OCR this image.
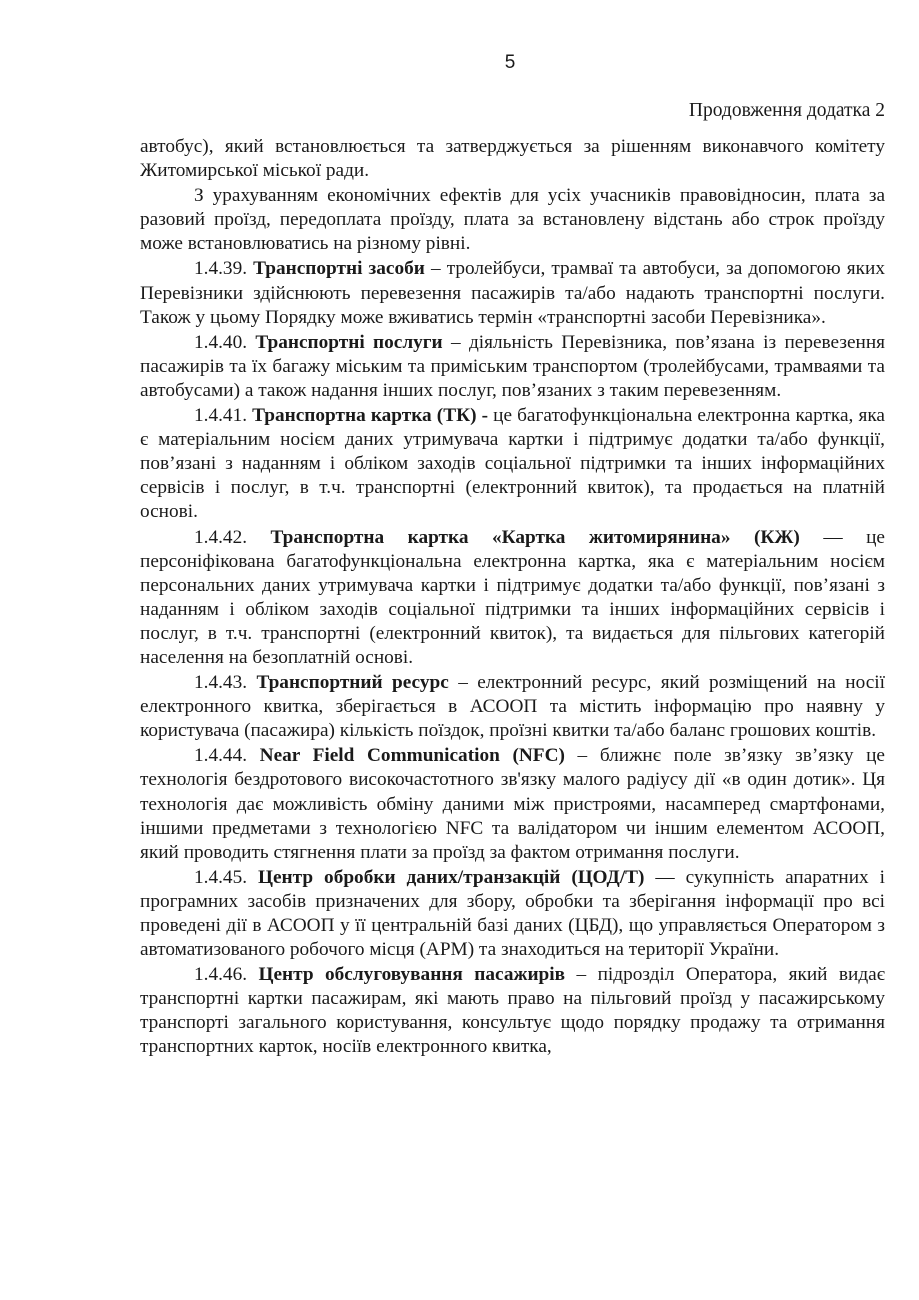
5
Продовження додатка 2

автобус), який встановлюється та затверджується за рішенням виконавчого комітету Житомирської міської ради.

З урахуванням економічних ефектів для усіх учасників правовідносин, плата за разовий проїзд, передоплата проїзду, плата за встановлену відстань або строк проїзду може встановлюватись на різному рівні.

1.4.39. Транспортні засоби – тролейбуси, трамваї та автобуси, за допомогою яких Перевізники здійснюють перевезення пасажирів та/або надають транспортні послуги. Також у цьому Порядку може вживатись термін «транспортні засоби Перевізника».

1.4.40. Транспортні послуги – діяльність Перевізника, пов’язана із перевезення пасажирів та їх багажу міським та приміським транспортом (тролейбусами, трамваями та автобусами) а також надання інших послуг, пов’язаних з таким перевезенням.

1.4.41. Транспортна картка (ТК) - це багатофункціональна електронна картка, яка є матеріальним носієм даних утримувача картки і підтримує додатки та/або функції, пов’язані з наданням і обліком заходів соціальної підтримки та інших інформаційних сервісів і послуг, в т.ч. транспортні (електронний квиток), та продається на платній основі.

1.4.42. Транспортна картка «Картка житомирянина» (КЖ) — це персоніфікована багатофункціональна електронна картка, яка є матеріальним носієм персональних даних утримувача картки і підтримує додатки та/або функції, пов’язані з наданням і обліком заходів соціальної підтримки та інших інформаційних сервісів і послуг, в т.ч. транспортні (електронний квиток), та видається для пільгових категорій населення на безоплатній основі.

1.4.43. Транспортний ресурс – електронний ресурс, який розміщений на носії електронного квитка, зберігається в АСООП та містить інформацію про наявну у користувача (пасажира) кількість поїздок, проїзні квитки та/або баланс грошових коштів.

1.4.44. Near Field Communication (NFC) – ближнє поле зв’язку зв’язку це технологія бездротового високочастотного зв'язку малого радіусу дії «в один дотик». Ця технологія дає можливість обміну даними між пристроями, насамперед смартфонами, іншими предметами з технологією NFC та валідатором чи іншим елементом АСООП, який проводить стягнення плати за проїзд за фактом отримання послуги.

1.4.45. Центр обробки даних/транзакцій (ЦОД/Т) — сукупність апаратних і програмних засобів призначених для збору, обробки та зберігання інформації про всі проведені дії в АСООП у її центральній базі даних (ЦБД), що управляється Оператором з автоматизованого робочого місця (АРМ) та знаходиться на території України.

1.4.46. Центр обслуговування пасажирів – підрозділ Оператора, який видає транспортні картки пасажирам, які мають право на пільговий проїзд у пасажирському транспорті загального користування, консультує щодо порядку продажу та отримання транспортних карток, носіїв електронного квитка,
